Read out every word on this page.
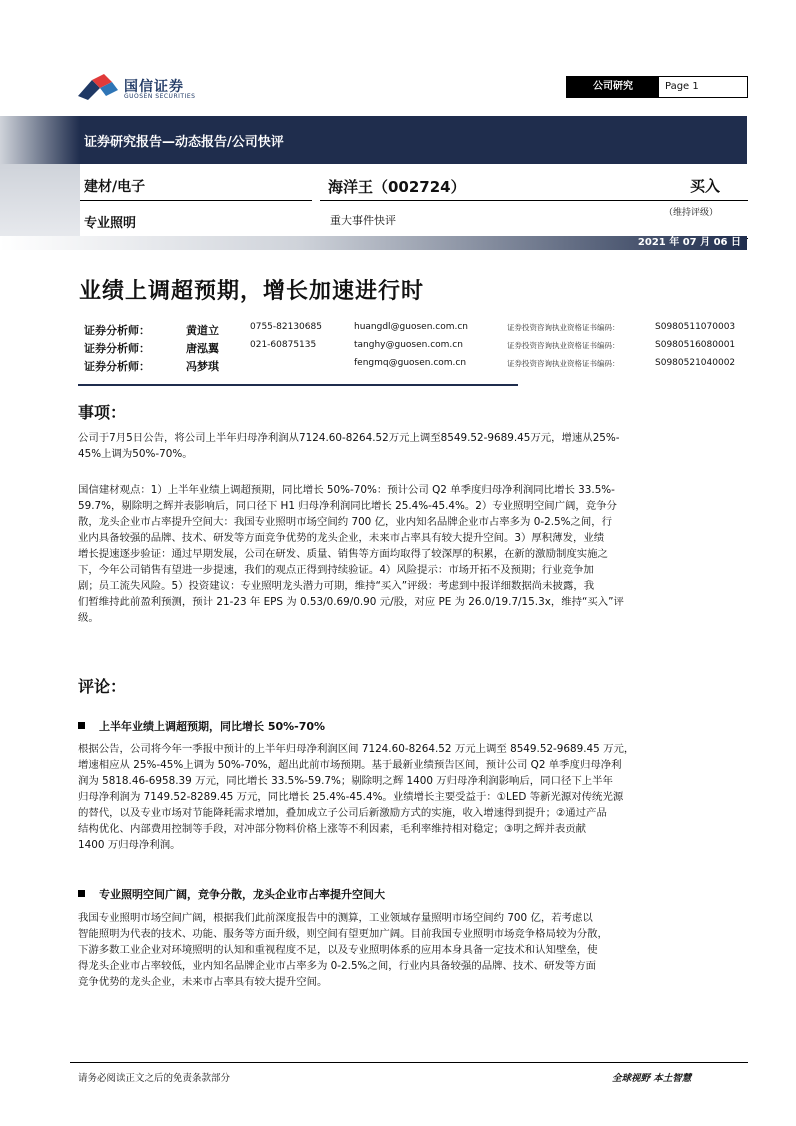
国信证券
GUOSEN SECURITIES
公司研究	Page 1
证券研究报告—动态报告/公司快评
建材/电子
专业照明
海洋王（002724）
重大事件快评
买入
（维持评级）
2021 年 07 月 06 日
业绩上调超预期，增长加速进行时
证券分析师：	黄道立	0755-82130685	huangdl@guosen.com.cn	证券投资咨询执业资格证书编码：	S0980511070003
证券分析师：	唐泓翼	021-60875135	tanghy@guosen.com.cn	证券投资咨询执业资格证书编码：	S0980516080001
证券分析师：	冯梦琪	fengmq@guosen.com.cn	证券投资咨询执业资格证书编码：	S0980521040002
事项：
公司于7月5日公告，将公司上半年归母净利润从7124.60-8264.52万元上调至8549.52-9689.45万元，增速从25%-
45%上调为50%-70%。
国信建材观点：1）上半年业绩上调超预期，同比增长 50%-70%：预计公司 Q2 单季度归母净利润同比增长 33.5%-
59.7%，剔除明之辉并表影响后，同口径下 H1 归母净利润同比增长 25.4%-45.4%。2）专业照明空间广阔，竞争分
散，龙头企业市占率提升空间大：我国专业照明市场空间约 700 亿，业内知名品牌企业市占率多为 0-2.5%之间，行
业内具备较强的品牌、技术、研发等方面竞争优势的龙头企业，未来市占率具有较大提升空间。3）厚积薄发，业绩
增长提速逐步验证：通过早期发展，公司在研发、质量、销售等方面均取得了较深厚的积累，在新的激励制度实施之
下，今年公司销售有望进一步提速，我们的观点正得到持续验证。4）风险提示：市场开拓不及预期；行业竞争加
剧；员工流失风险。5）投资建议：专业照明龙头潜力可期，维持“买入”评级：考虑到中报详细数据尚未披露，我
们暂维持此前盈利预测，预计 21-23 年 EPS 为 0.53/0.69/0.90 元/股，对应 PE 为 26.0/19.7/15.3x，维持“买入”评
级。
评论：
上半年业绩上调超预期，同比增长 50%-70%
根据公告，公司将今年一季报中预计的上半年归母净利润区间 7124.60-8264.52 万元上调至 8549.52-9689.45 万元，
增速相应从 25%-45%上调为 50%-70%，超出此前市场预期。基于最新业绩预告区间，预计公司 Q2 单季度归母净利
润为 5818.46-6958.39 万元，同比增长 33.5%-59.7%；剔除明之辉 1400 万归母净利润影响后，同口径下上半年
归母净利润为 7149.52-8289.45 万元，同比增长 25.4%-45.4%。业绩增长主要受益于：①LED 等新光源对传统光源
的替代，以及专业市场对节能降耗需求增加，叠加成立子公司后新激励方式的实施，收入增速得到提升；②通过产品
结构优化、内部费用控制等手段，对冲部分物料价格上涨等不利因素，毛利率维持相对稳定；③明之辉并表贡献
1400 万归母净利润。
专业照明空间广阔，竞争分散，龙头企业市占率提升空间大
我国专业照明市场空间广阔，根据我们此前深度报告中的测算，工业领域存量照明市场空间约 700 亿，若考虑以
智能照明为代表的技术、功能、服务等方面升级，则空间有望更加广阔。目前我国专业照明市场竞争格局较为分散，
下游多数工业企业对环境照明的认知和重视程度不足，以及专业照明体系的应用本身具备一定技术和认知壁垒，使
得龙头企业市占率较低，业内知名品牌企业市占率多为 0-2.5%之间，行业内具备较强的品牌、技术、研发等方面
竞争优势的龙头企业，未来市占率具有较大提升空间。
请务必阅读正文之后的免责条款部分	全球视野 本土智慧
